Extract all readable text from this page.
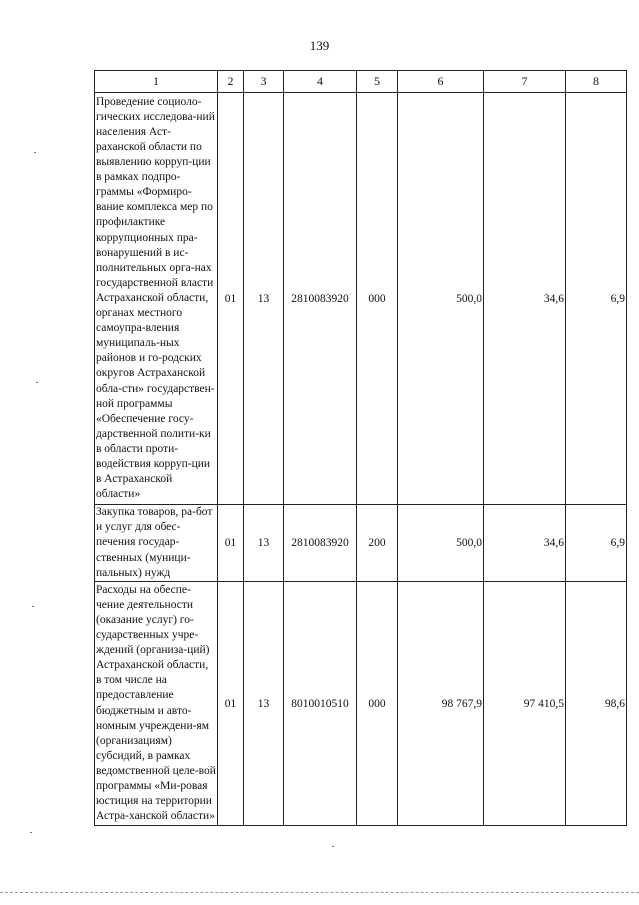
139
1	2	3	4	5	6	7	8
Проведение социоло-гических исследова-ний населения Аст-раханской области по выявлению корруп-ции в рамках подпро-граммы «Формиро-вание комплекса мер по профилактике коррупционных пра-вонарушений в ис-полнительных орга-нах государственной власти Астраханской области, органах местного самоупра-вления муниципаль-ных районов и го-родских округов Астраханской обла-сти» государствен-ной программы «Обеспечение госу-дарственной полити-ки в области проти-водействия корруп-ции в Астраханской области»	01	13	2810083920	000	500,0	34,6	6,9
Закупка товаров, ра-бот и услуг для обес-печения государ-ственных (муници-пальных) нужд	01	13	2810083920	200	500,0	34,6	6,9
Расходы на обеспе-чение деятельности (оказание услуг) го-сударственных учре-ждений (организа-ций) Астраханской области, в том числе на предоставление бюджетным и авто-номным учреждени-ям (организациям) субсидий, в рамках ведомственной целе-вой программы «Ми-ровая юстиция на территории Астра-ханской области»	01	13	8010010510	000	98 767,9	97 410,5	98,6
